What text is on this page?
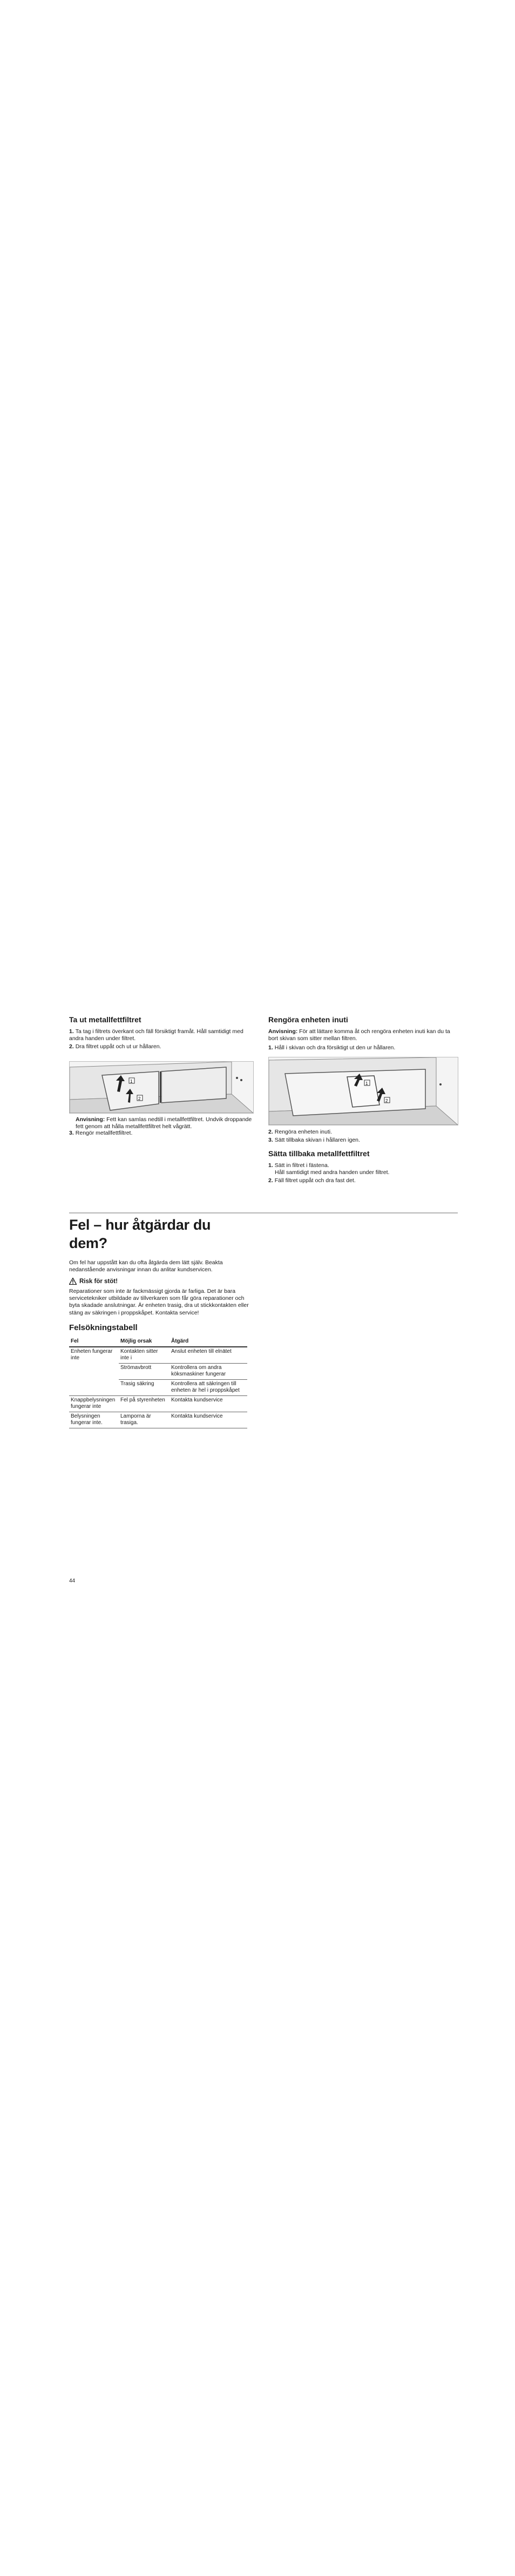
Ta ut metallfettfiltret
1. Ta tag i filtrets överkant och fäll försiktigt framåt. Håll samtidigt med andra handen under filtret.
2. Dra filtret uppåt och ut ur hållaren.
1
2
Anvisning: Fett kan samlas nedtill i metallfettfiltret. Undvik droppande fett genom att hålla metallfettfiltret helt vågrätt.
3. Rengör metallfettfiltret.
Rengöra enheten inuti
Anvisning: För att lättare komma åt och rengöra enheten inuti kan du ta bort skivan som sitter mellan filtren.
1. Håll i skivan och dra försiktigt ut den ur hållaren.
1
2
2. Rengöra enheten inuti.
3. Sätt tillbaka skivan i hållaren igen.
Sätta tillbaka metallfettfiltret
1. Sätt in filtret i fästena.
Håll samtidigt med andra handen under filtret.
2. Fäll filtret uppåt och dra fast det.
Fel – hur åtgärdar du dem?

Om fel har uppstått kan du ofta åtgärda dem lätt själv. Beakta nedanstående anvisningar innan du anlitar kundservicen.

Risk för stöt!

Reparationer som inte är fackmässigt gjorda är farliga. Det är bara servicetekniker utbildade av tillverkaren som får göra reparationer och byta skadade anslutningar. Är enheten trasig, dra ut stickkontakten eller stäng av säkringen i proppskåpet. Kontakta service!

Felsökningstabell
Fel	Möjlig orsak	Åtgärd
Enheten fungerar inte	Kontakten sitter inte i	Anslut enheten till elnätet
	Strömavbrott	Kontrollera om andra köksmaskiner fungerar
	Trasig säkring	Kontrollera att säkringen till enheten är hel i proppskåpet
Knappbelysningen fungerar inte	Fel på styrenheten	Kontakta kundservice
Belysningen fungerar inte.	Lamporna är trasiga.	Kontakta kundservice
44
